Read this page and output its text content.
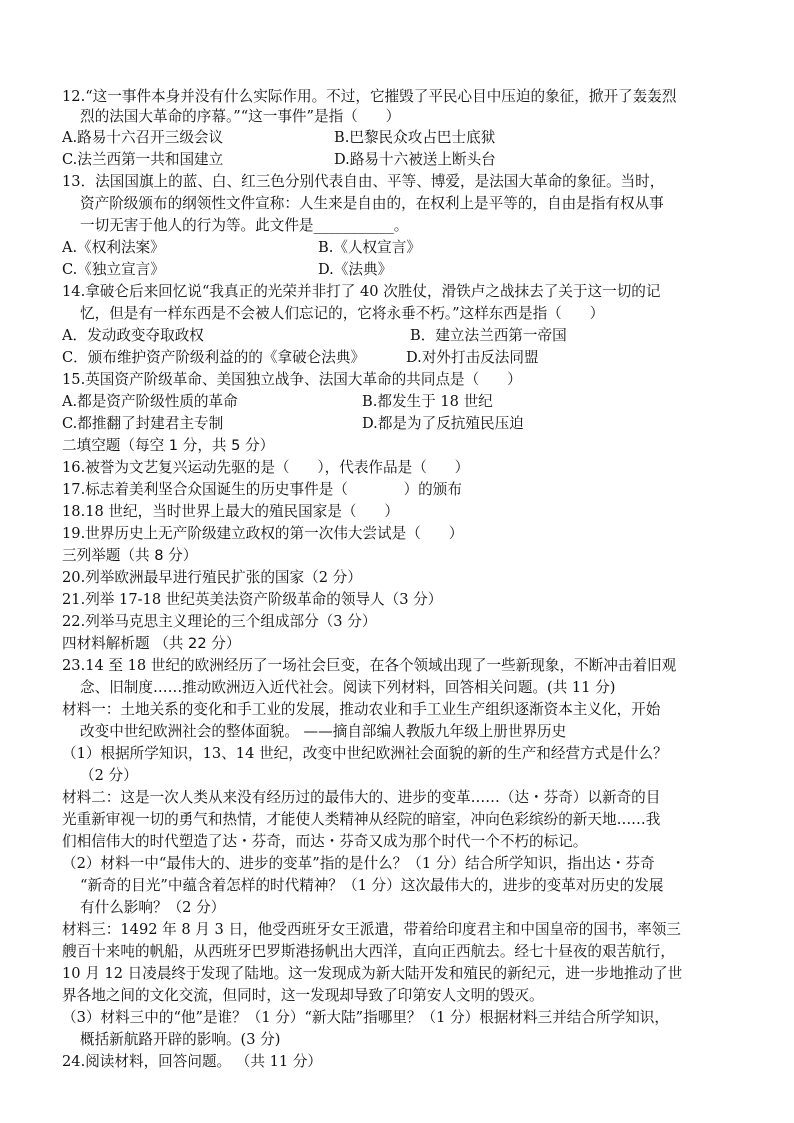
12.“这一事件本身并没有什么实际作用。不过，它摧毁了平民心目中压迫的象征，掀开了轰轰烈
烈的法国大革命的序幕。”“这一事件”是指（      ）
A.路易十六召开三级会议	B.巴黎民众攻占巴士底狱
C.法兰西第一共和国建立	D.路易十六被送上断头台
13．法国国旗上的蓝、白、红三色分别代表自由、平等、博爱，是法国大革命的象征。当时，
资产阶级颁布的纲领性文件宣称：人生来是自由的，在权利上是平等的，自由是指有权从事
一切无害于他人的行为等。此文件是___________。
A.《权利法案》	B.《人权宣言》
C.《独立宣言》	D.《法典》
14.拿破仑后来回忆说“我真正的光荣并非打了 40 次胜仗，滑铁卢之战抹去了关于这一切的记
忆，但是有一样东西是不会被人们忘记的，它将永垂不朽。”这样东西是指（      ）
A．发动政变夺取政权	B．建立法兰西第一帝国
C．颁布维护资产阶级利益的的《拿破仑法典》	D.对外打击反法同盟
15.英国资产阶级革命、美国独立战争、法国大革命的共同点是（      ）
A.都是资产阶级性质的革命	B.都发生于 18 世纪
C.都推翻了封建君主专制	D.都是为了反抗殖民压迫
二填空题（每空 1 分，共 5 分）
16.被誉为文艺复兴运动先驱的是（      ），代表作品是（      ）
17.标志着美利坚合众国诞生的历史事件是（            ）的颁布
18.18 世纪，当时世界上最大的殖民国家是（      ）
19.世界历史上无产阶级建立政权的第一次伟大尝试是（      ）
三列举题（共 8 分）
20.列举欧洲最早进行殖民扩张的国家（2 分）
21.列举 17-18 世纪英美法资产阶级革命的领导人（3 分）
22.列举马克思主义理论的三个组成部分（3 分）
四材料解析题 （共 22 分）
23.14 至 18 世纪的欧洲经历了一场社会巨变，在各个领域出现了一些新现象，不断冲击着旧观
念、旧制度……推动欧洲迈入近代社会。阅读下列材料，回答相关问题。(共 11 分)
材料一：土地关系的变化和手工业的发展，推动农业和手工业生产组织逐渐资本主义化，开始
改变中世纪欧洲社会的整体面貌。 ——摘自部编人教版九年级上册世界历史
（1）根据所学知识，13、14 世纪，改变中世纪欧洲社会面貌的新的生产和经营方式是什么？
（2 分）
材料二：这是一次人类从来没有经历过的最伟大的、进步的变革……（达・芬奇）以新奇的目
光重新审视一切的勇气和热情，才能使人类精神从经院的暗室，冲向色彩缤纷的新天地……我
们相信伟大的时代塑造了达・芬奇，而达・芬奇又成为那个时代一个不朽的标记。
（2）材料一中“最伟大的、进步的变革”指的是什么？（1 分）结合所学知识，指出达・芬奇
“新奇的目光”中蕴含着怎样的时代精神？（1 分）这次最伟大的，进步的变革对历史的发展
有什么影响？（2 分）
材料三：1492 年 8 月 3 日，他受西班牙女王派遣，带着给印度君主和中国皇帝的国书，率领三
艘百十来吨的帆船，从西班牙巴罗斯港扬帆出大西洋，直向正西航去。经七十昼夜的艰苦航行，
10 月 12 日凌晨终于发现了陆地。这一发现成为新大陆开发和殖民的新纪元，进一步地推动了世
界各地之间的文化交流，但同时，这一发现却导致了印第安人文明的毁灭。
（3）材料三中的“他”是谁？（1 分）“新大陆”指哪里？（1 分）根据材料三并结合所学知识，
概括新航路开辟的影响。(3 分)
24.阅读材料，回答问题。 （共 11 分）
